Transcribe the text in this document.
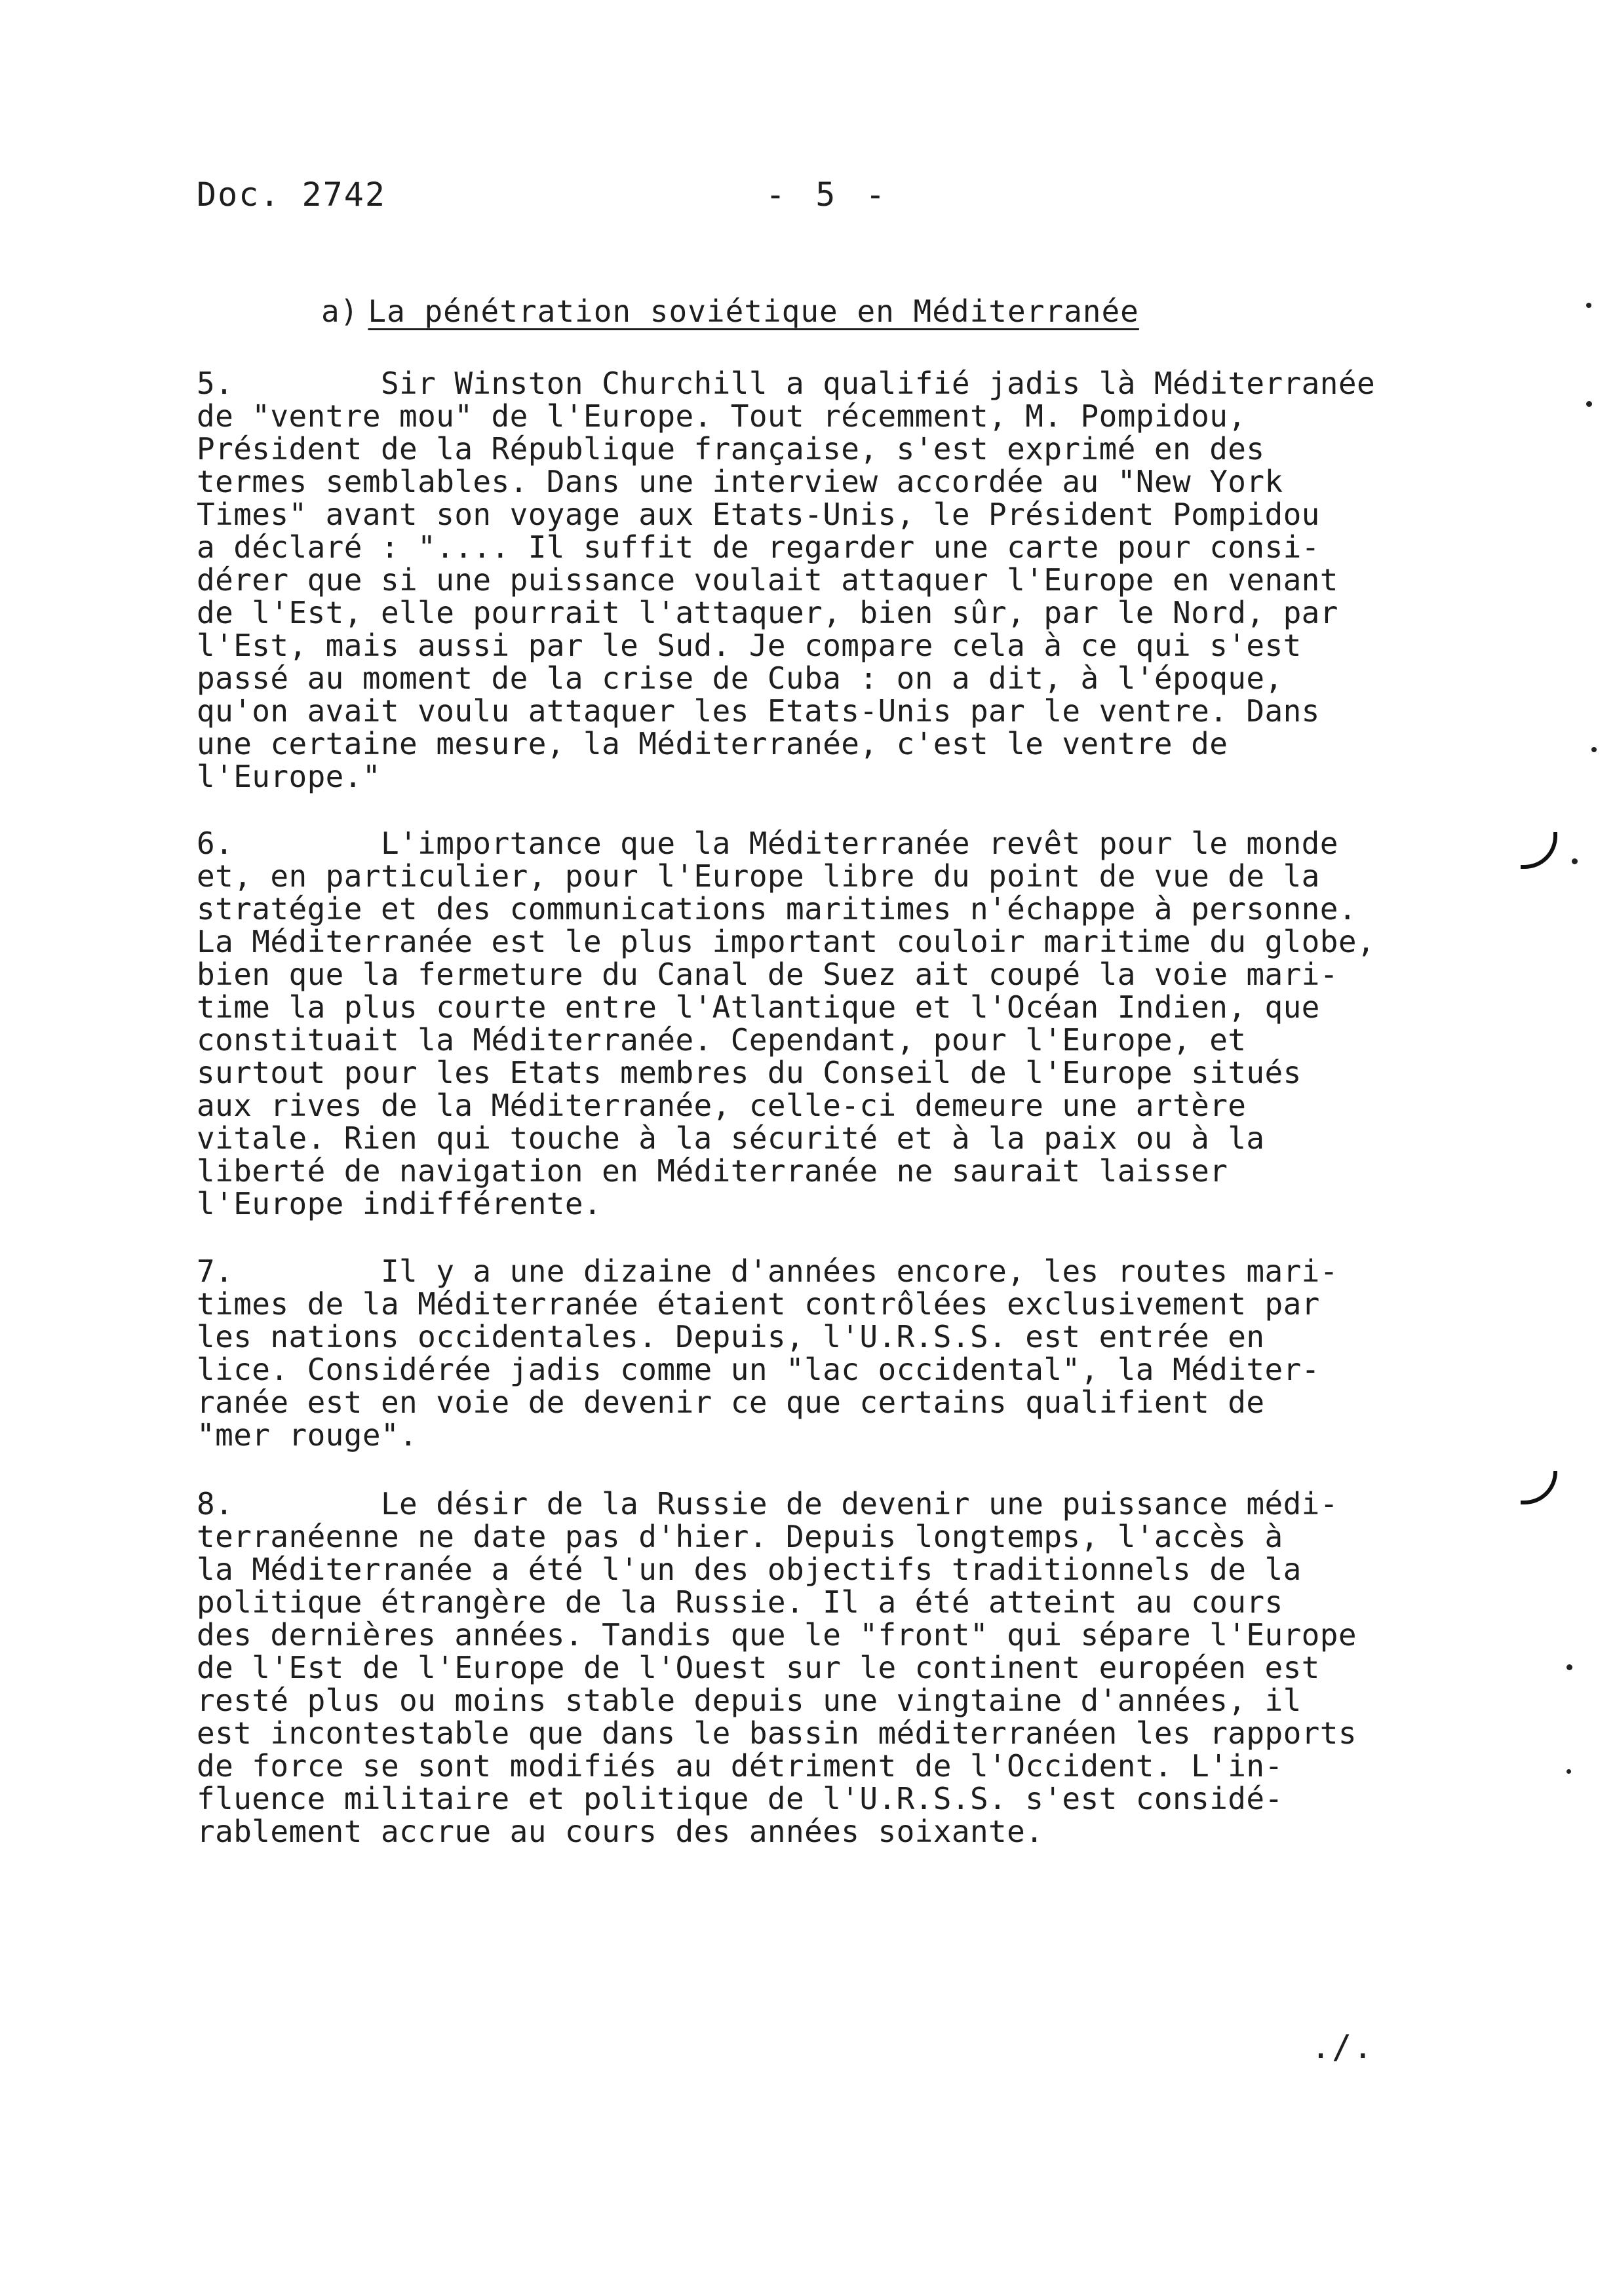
Doc. 2742	- 5 -
a) La pénétration soviétique en Méditerranée
5.        Sir Winston Churchill a qualifié jadis là Méditerranée
de "ventre mou" de l'Europe. Tout récemment, M. Pompidou,
Président de la République française, s'est exprimé en des
termes semblables. Dans une interview accordée au "New York
Times" avant son voyage aux Etats-Unis, le Président Pompidou
a déclaré : ".... Il suffit de regarder une carte pour consi-
dérer que si une puissance voulait attaquer l'Europe en venant
de l'Est, elle pourrait l'attaquer, bien sûr, par le Nord, par
l'Est, mais aussi par le Sud. Je compare cela à ce qui s'est
passé au moment de la crise de Cuba : on a dit, à l'époque,
qu'on avait voulu attaquer les Etats-Unis par le ventre. Dans
une certaine mesure, la Méditerranée, c'est le ventre de
l'Europe."
6.        L'importance que la Méditerranée revêt pour le monde
et, en particulier, pour l'Europe libre du point de vue de la
stratégie et des communications maritimes n'échappe à personne.
La Méditerranée est le plus important couloir maritime du globe,
bien que la fermeture du Canal de Suez ait coupé la voie mari-
time la plus courte entre l'Atlantique et l'Océan Indien, que
constituait la Méditerranée. Cependant, pour l'Europe, et
surtout pour les Etats membres du Conseil de l'Europe situés
aux rives de la Méditerranée, celle-ci demeure une artère
vitale. Rien qui touche à la sécurité et à la paix ou à la
liberté de navigation en Méditerranée ne saurait laisser
l'Europe indifférente.
7.        Il y a une dizaine d'années encore, les routes mari-
times de la Méditerranée étaient contrôlées exclusivement par
les nations occidentales. Depuis, l'U.R.S.S. est entrée en
lice. Considérée jadis comme un "lac occidental", la Méditer-
ranée est en voie de devenir ce que certains qualifient de
"mer rouge".
8.        Le désir de la Russie de devenir une puissance médi-
terranéenne ne date pas d'hier. Depuis longtemps, l'accès à
la Méditerranée a été l'un des objectifs traditionnels de la
politique étrangère de la Russie. Il a été atteint au cours
des dernières années. Tandis que le "front" qui sépare l'Europe
de l'Est de l'Europe de l'Ouest sur le continent européen est
resté plus ou moins stable depuis une vingtaine d'années, il
est incontestable que dans le bassin méditerranéen les rapports
de force se sont modifiés au détriment de l'Occident. L'in-
fluence militaire et politique de l'U.R.S.S. s'est considé-
rablement accrue au cours des années soixante.
./.
